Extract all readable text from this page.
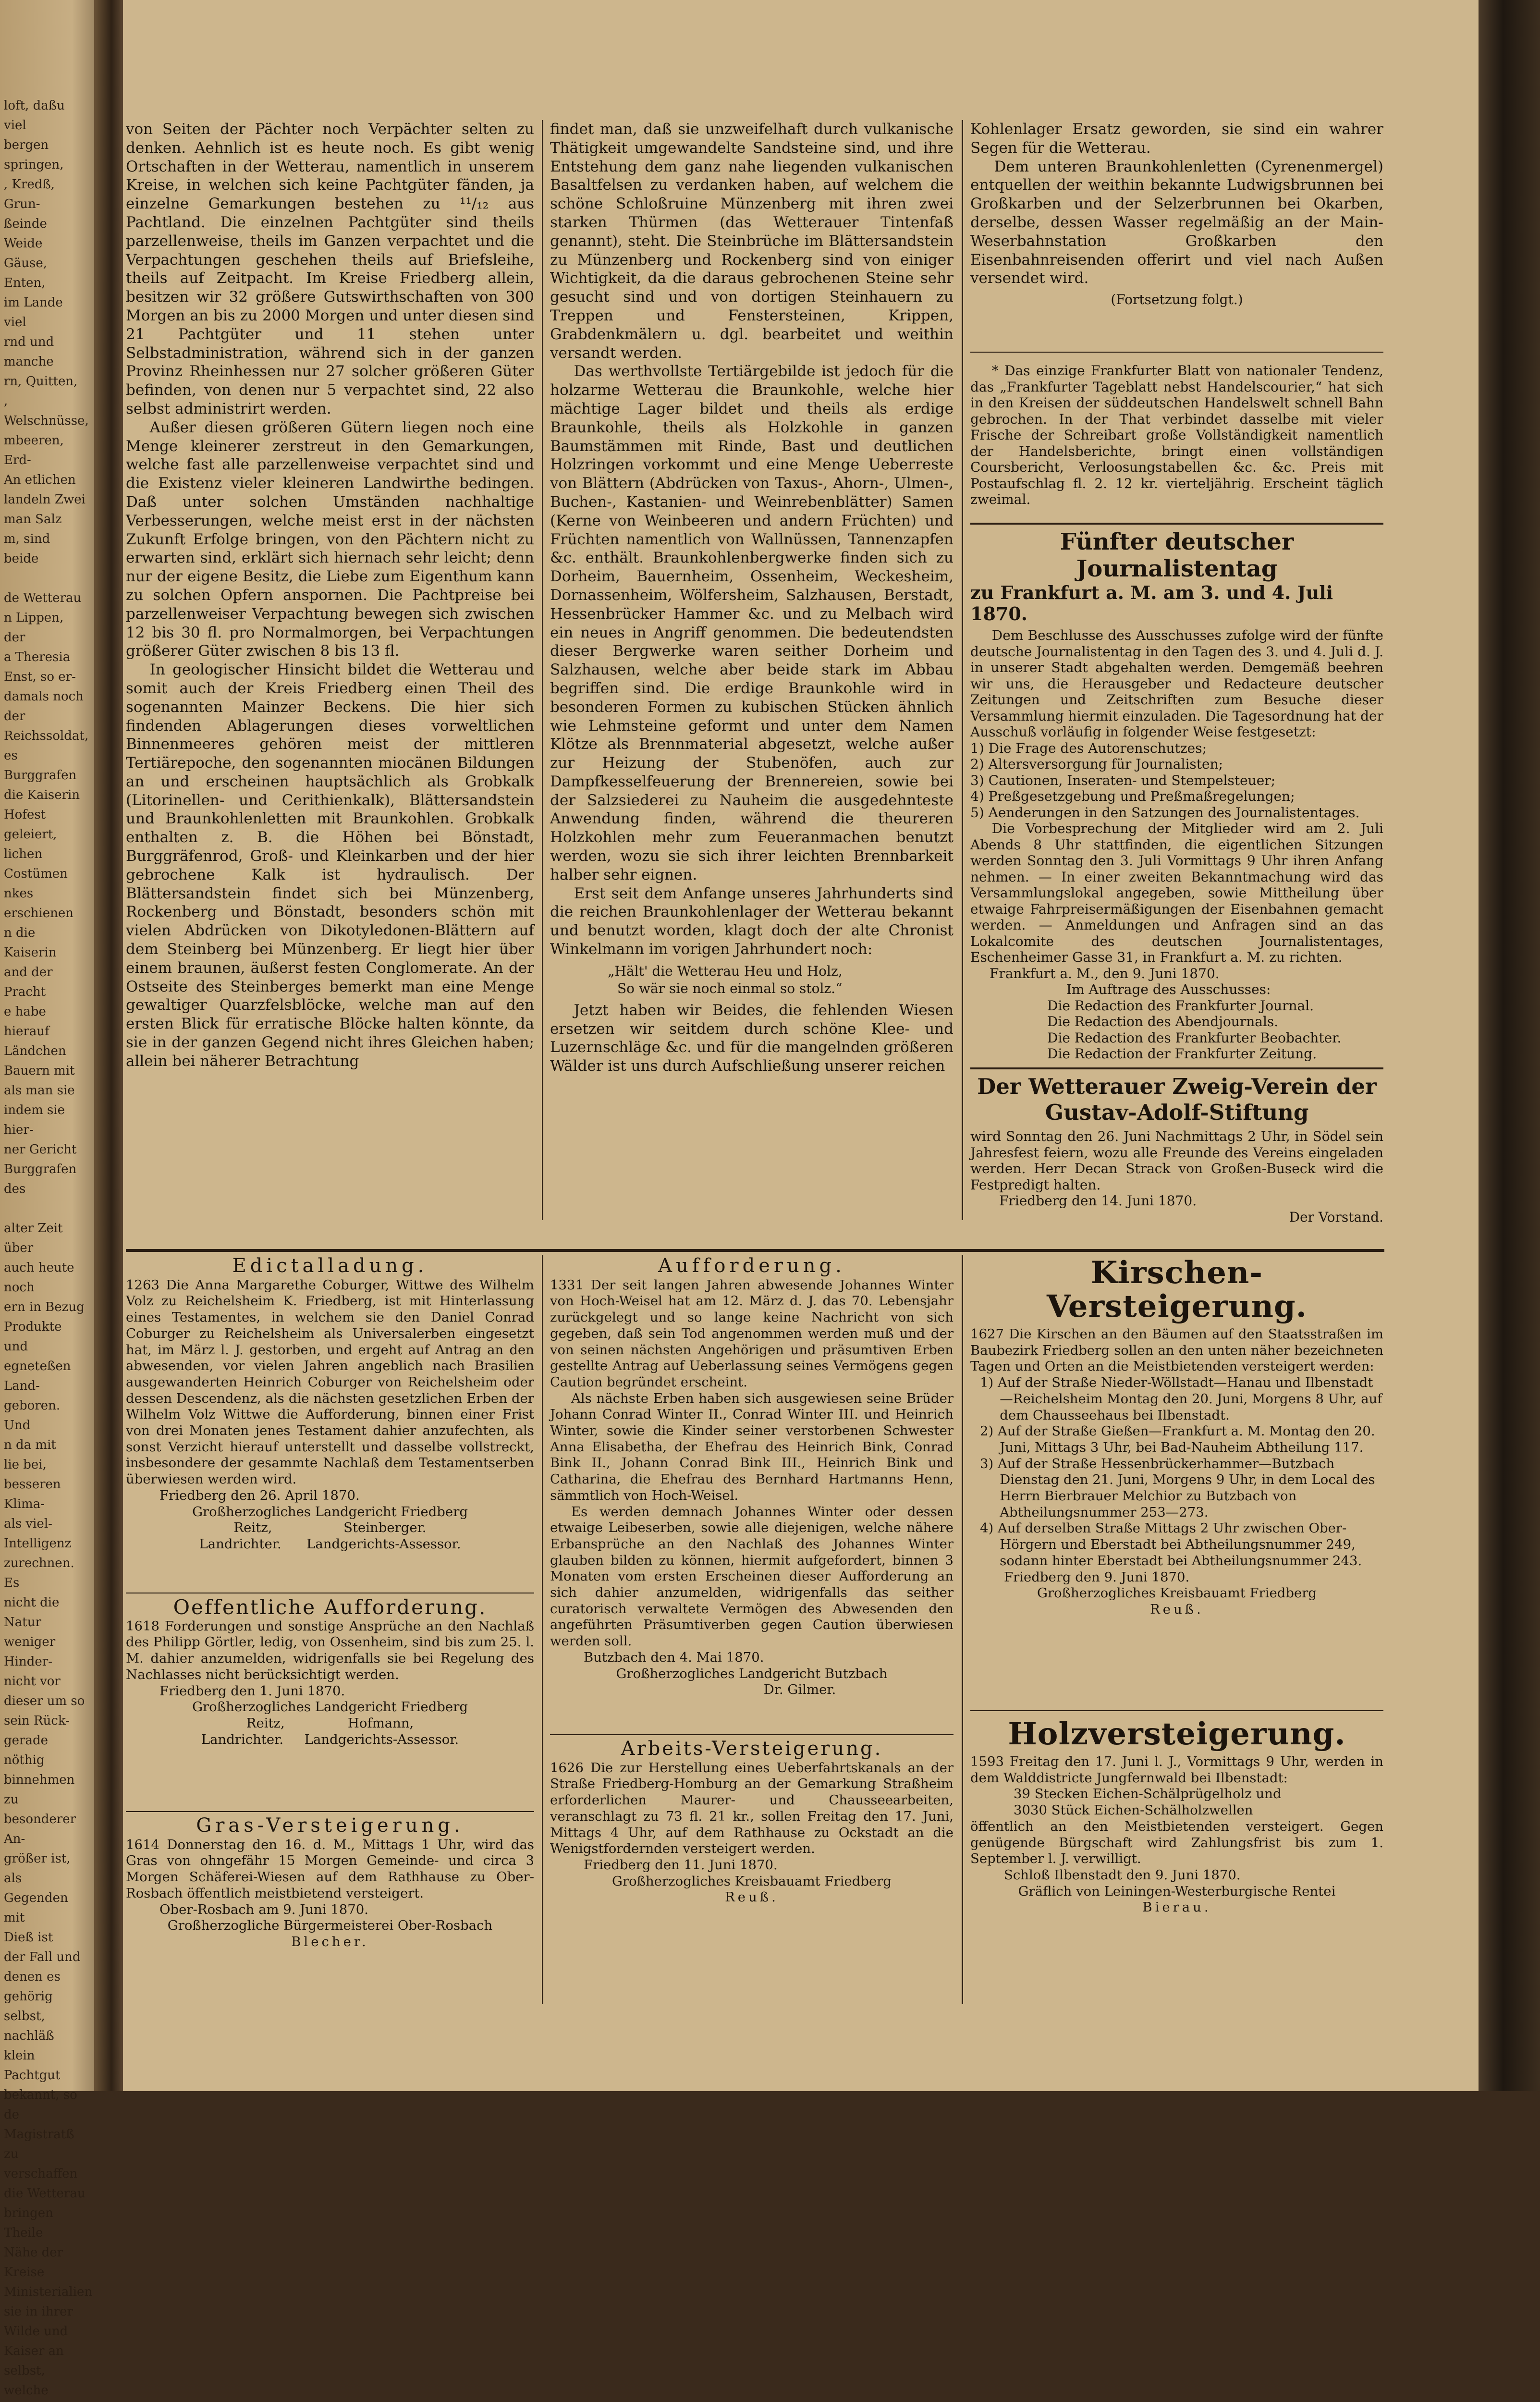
loft, daßu viel
bergen springen,
, Kredß, Grun-
ßeinde Weide
Gäuse, Enten,
im Lande viel
rnd und manche
rn, Quitten,
, Welschnüsse,
mbeeren, Erd-
An etlichen
landeln Zwei
man Salz
m, sind beide

de Wetterau
n Lippen, der
a Theresia
Enst, so er-
damals noch
der Reichssoldat,
es Burggrafen
die Kaiserin
Hofest geleiert,
lichen Costümen
nkes erschienen
n die Kaiserin
and der Pracht
e habe hierauf
Ländchen
Bauern mit
als man sie
indem sie hier-
ner Gericht
Burggrafen des

alter Zeit über
auch heute noch
ern in Bezug
Produkte und
egneteßen Land-
geboren. Und
n da mit
lie bei,
besseren Klima-
als viel-
Intelligenz
zurechnen. Es
nicht die Natur
weniger Hinder-
nicht vor
dieser um so
sein Rück-
gerade nöthig
binnehmen zu
besonderer An-
größer ist, als
Gegenden mit
Dieß ist
der Fall und
denen es gehörig
selbst, nachläß
klein Pachtgut
bekannt, so
de Magistratß
zu verschaffen
die Wetterau
bringen Theile
Nähe der Kreise
Ministerialien
sie in ihrer
Wilde und
Kaiser an
selbst, welche

von Seiten der Pächter noch Verpächter selten zu denken. Aehnlich ist es heute noch. Es gibt wenig Ortschaften in der Wetterau, namentlich in unserem Kreise, in welchen sich keine Pachtgüter fänden, ja einzelne Gemarkungen bestehen zu ¹¹/₁₂ aus Pachtland. Die einzelnen Pachtgüter sind theils parzellenweise, theils im Ganzen verpachtet und die Verpachtungen geschehen theils auf Briefsleihe, theils auf Zeitpacht. Im Kreise Friedberg allein, besitzen wir 32 größere Gutswirthschaften von 300 Morgen an bis zu 2000 Morgen und unter diesen sind 21 Pachtgüter und 11 stehen unter Selbstadministration, während sich in der ganzen Provinz Rheinhessen nur 27 solcher größeren Güter befinden, von denen nur 5 verpachtet sind, 22 also selbst administrirt werden.

Außer diesen größeren Gütern liegen noch eine Menge kleinerer zerstreut in den Gemarkungen, welche fast alle parzellenweise verpachtet sind und die Existenz vieler kleineren Landwirthe bedingen. Daß unter solchen Umständen nachhaltige Verbesserungen, welche meist erst in der nächsten Zukunft Erfolge bringen, von den Pächtern nicht zu erwarten sind, erklärt sich hiernach sehr leicht; denn nur der eigene Besitz, die Liebe zum Eigenthum kann zu solchen Opfern anspornen. Die Pachtpreise bei parzellenweiser Verpachtung bewegen sich zwischen 12 bis 30 fl. pro Normalmorgen, bei Verpachtungen größerer Güter zwischen 8 bis 13 fl.

In geologischer Hinsicht bildet die Wetterau und somit auch der Kreis Friedberg einen Theil des sogenannten Mainzer Beckens. Die hier sich findenden Ablagerungen dieses vorweltlichen Binnenmeeres gehören meist der mittleren Tertiärepoche, den sogenannten miocänen Bildungen an und erscheinen hauptsächlich als Grobkalk (Litorinellen- und Cerithienkalk), Blättersandstein und Braunkohlenletten mit Braunkohlen. Grobkalk enthalten z. B. die Höhen bei Bönstadt, Burggräfenrod, Groß- und Kleinkarben und der hier gebrochene Kalk ist hydraulisch. Der Blättersandstein findet sich bei Münzenberg, Rockenberg und Bönstadt, besonders schön mit vielen Abdrücken von Dikotyledonen-Blättern auf dem Steinberg bei Münzenberg. Er liegt hier über einem braunen, äußerst festen Conglomerate. An der Ostseite des Steinberges bemerkt man eine Menge gewaltiger Quarzfelsblöcke, welche man auf den ersten Blick für erratische Blöcke halten könnte, da sie in der ganzen Gegend nicht ihres Gleichen haben; allein bei näherer Betrachtung

findet man, daß sie unzweifelhaft durch vulkanische Thätigkeit umgewandelte Sandsteine sind, und ihre Entstehung dem ganz nahe liegenden vulkanischen Basaltfelsen zu verdanken haben, auf welchem die schöne Schloßruine Münzenberg mit ihren zwei starken Thürmen (das Wetterauer Tintenfaß genannt), steht. Die Steinbrüche im Blättersandstein zu Münzenberg und Rockenberg sind von einiger Wichtigkeit, da die daraus gebrochenen Steine sehr gesucht sind und von dortigen Steinhauern zu Treppen und Fenstersteinen, Krippen, Grabdenkmälern u. dgl. bearbeitet und weithin versandt werden.

Das werthvollste Tertiärgebilde ist jedoch für die holzarme Wetterau die Braunkohle, welche hier mächtige Lager bildet und theils als erdige Braunkohle, theils als Holzkohle in ganzen Baumstämmen mit Rinde, Bast und deutlichen Holzringen vorkommt und eine Menge Ueberreste von Blättern (Abdrücken von Taxus-, Ahorn-, Ulmen-, Buchen-, Kastanien- und Weinrebenblätter) Samen (Kerne von Weinbeeren und andern Früchten) und Früchten namentlich von Wallnüssen, Tannenzapfen &c. enthält. Braunkohlenbergwerke finden sich zu Dorheim, Bauernheim, Ossenheim, Weckesheim, Dornassenheim, Wölfersheim, Salzhausen, Berstadt, Hessenbrücker Hammer &c. und zu Melbach wird ein neues in Angriff genommen. Die bedeutendsten dieser Bergwerke waren seither Dorheim und Salzhausen, welche aber beide stark im Abbau begriffen sind. Die erdige Braunkohle wird in besonderen Formen zu kubischen Stücken ähnlich wie Lehmsteine geformt und unter dem Namen Klötze als Brennmaterial abgesetzt, welche außer zur Heizung der Stubenöfen, auch zur Dampfkesselfeuerung der Brennereien, sowie bei der Salzsiederei zu Nauheim die ausgedehnteste Anwendung finden, während die theureren Holzkohlen mehr zum Feueranmachen benutzt werden, wozu sie sich ihrer leichten Brennbarkeit halber sehr eignen.

Erst seit dem Anfange unseres Jahrhunderts sind die reichen Braunkohlenlager der Wetterau bekannt und benutzt worden, klagt doch der alte Chronist Winkelmann im vorigen Jahrhundert noch:

„Hält' die Wetterau Heu und Holz,
So wär sie noch einmal so stolz.“

Jetzt haben wir Beides, die fehlenden Wiesen ersetzen wir seitdem durch schöne Klee- und Luzernschläge &c. und für die mangelnden größeren Wälder ist uns durch Aufschließung unserer reichen

Kohlenlager Ersatz geworden, sie sind ein wahrer Segen für die Wetterau.

Dem unteren Braunkohlenletten (Cyrenenmergel) entquellen der weithin bekannte Ludwigsbrunnen bei Großkarben und der Selzerbrunnen bei Okarben, derselbe, dessen Wasser regelmäßig an der Main-Weserbahnstation Großkarben den Eisenbahnreisenden offerirt und viel nach Außen versendet wird.

(Fortsetzung folgt.)

* Das einzige Frankfurter Blatt von nationaler Tendenz, das „Frankfurter Tageblatt nebst Handelscourier,“ hat sich in den Kreisen der süddeutschen Handelswelt schnell Bahn gebrochen. In der That verbindet dasselbe mit vieler Frische der Schreibart große Vollständigkeit namentlich der Handelsberichte, bringt einen vollständigen Coursbericht, Verloosungstabellen &c. &c. Preis mit Postaufschlag fl. 2. 12 kr. vierteljährig. Erscheint täglich zweimal.

Fünfter deutscher Journalistentag
zu Frankfurt a. M. am 3. und 4. Juli 1870.

Dem Beschlusse des Ausschusses zufolge wird der fünfte deutsche Journalistentag in den Tagen des 3. und 4. Juli d. J. in unserer Stadt abgehalten werden. Demgemäß beehren wir uns, die Herausgeber und Redacteure deutscher Zeitungen und Zeitschriften zum Besuche dieser Versammlung hiermit einzuladen. Die Tagesordnung hat der Ausschuß vorläufig in folgender Weise festgesetzt:

1) Die Frage des Autorenschutzes;
2) Altersversorgung für Journalisten;
3) Cautionen, Inseraten- und Stempelsteuer;
4) Preßgesetzgebung und Preßmaßregelungen;
5) Aenderungen in den Satzungen des Journalistentages.

Die Vorbesprechung der Mitglieder wird am 2. Juli Abends 8 Uhr stattfinden, die eigentlichen Sitzungen werden Sonntag den 3. Juli Vormittags 9 Uhr ihren Anfang nehmen. — In einer zweiten Bekanntmachung wird das Versammlungslokal angegeben, sowie Mittheilung über etwaige Fahrpreisermäßigungen der Eisenbahnen gemacht werden. — Anmeldungen und Anfragen sind an das Lokalcomite des deutschen Journalistentages, Eschenheimer Gasse 31, in Frankfurt a. M. zu richten.

Frankfurt a. M., den 9. Juni 1870.
Im Auftrage des Ausschusses:
Die Redaction des Frankfurter Journal.
Die Redaction des Abendjournals.
Die Redaction des Frankfurter Beobachter.
Die Redaction der Frankfurter Zeitung.
Der Wetterauer Zweig-Verein der Gustav-Adolf-Stiftung

wird Sonntag den 26. Juni Nachmittags 2 Uhr, in Södel sein Jahresfest feiern, wozu alle Freunde des Vereins eingeladen werden. Herr Decan Strack von Großen-Buseck wird die Festpredigt halten.

Friedberg den 14. Juni 1870.
Der Vorstand.
Edictalladung.

1263 Die Anna Margarethe Coburger, Wittwe des Wilhelm Volz zu Reichelsheim K. Friedberg, ist mit Hinterlassung eines Testamentes, in welchem sie den Daniel Conrad Coburger zu Reichelsheim als Universalerben eingesetzt hat, im März l. J. gestorben, und ergeht auf Antrag an den abwesenden, vor vielen Jahren angeblich nach Brasilien ausgewanderten Heinrich Coburger von Reichelsheim oder dessen Descendenz, als die nächsten gesetzlichen Erben der Wilhelm Volz Wittwe die Aufforderung, binnen einer Frist von drei Monaten jenes Testament dahier anzufechten, als sonst Verzicht hierauf unterstellt und dasselbe vollstreckt, insbesondere der gesammte Nachlaß dem Testamentserben überwiesen werden wird.

Friedberg den 26. April 1870.
Großherzogliches Landgericht Friedberg
Reitz,                 Steinberger.
Landrichter.      Landgerichts-Assessor.
Oeffentliche Aufforderung.

1618 Forderungen und sonstige Ansprüche an den Nachlaß des Philipp Görtler, ledig, von Ossenheim, sind bis zum 25. l. M. dahier anzumelden, widrigenfalls sie bei Regelung des Nachlasses nicht berücksichtigt werden.

Friedberg den 1. Juni 1870.
Großherzogliches Landgericht Friedberg
Reitz,               Hofmann,
Landrichter.     Landgerichts-Assessor.
Gras-Versteigerung.

1614 Donnerstag den 16. d. M., Mittags 1 Uhr, wird das Gras von ohngefähr 15 Morgen Gemeinde- und circa 3 Morgen Schäferei-Wiesen auf dem Rathhause zu Ober-Rosbach öffentlich meistbietend versteigert.

Ober-Rosbach am 9. Juni 1870.
Großherzogliche Bürgermeisterei Ober-Rosbach
Blecher.
Aufforderung.

1331 Der seit langen Jahren abwesende Johannes Winter von Hoch-Weisel hat am 12. März d. J. das 70. Lebensjahr zurückgelegt und so lange keine Nachricht von sich gegeben, daß sein Tod angenommen werden muß und der von seinen nächsten Angehörigen und präsumtiven Erben gestellte Antrag auf Ueberlassung seines Vermögens gegen Caution begründet erscheint.

Als nächste Erben haben sich ausgewiesen seine Brüder Johann Conrad Winter II., Conrad Winter III. und Heinrich Winter, sowie die Kinder seiner verstorbenen Schwester Anna Elisabetha, der Ehefrau des Heinrich Bink, Conrad Bink II., Johann Conrad Bink III., Heinrich Bink und Catharina, die Ehefrau des Bernhard Hartmanns Henn, sämmtlich von Hoch-Weisel.

Es werden demnach Johannes Winter oder dessen etwaige Leibeserben, sowie alle diejenigen, welche nähere Erbansprüche an den Nachlaß des Johannes Winter glauben bilden zu können, hiermit aufgefordert, binnen 3 Monaten vom ersten Erscheinen dieser Aufforderung an sich dahier anzumelden, widrigenfalls das seither curatorisch verwaltete Vermögen des Abwesenden den angeführten Präsumtiverben gegen Caution überwiesen werden soll.

Butzbach den 4. Mai 1870.
Großherzogliches Landgericht Butzbach
Dr. Gilmer.
Arbeits-Versteigerung.

1626 Die zur Herstellung eines Ueberfahrtskanals an der Straße Friedberg-Homburg an der Gemarkung Straßheim erforderlichen Maurer- und Chausseearbeiten, veranschlagt zu 73 fl. 21 kr., sollen Freitag den 17. Juni, Mittags 4 Uhr, auf dem Rathhause zu Ockstadt an die Wenigstfordernden versteigert werden.

Friedberg den 11. Juni 1870.
Großherzogliches Kreisbauamt Friedberg
Reuß.
Kirschen-Versteigerung.

1627 Die Kirschen an den Bäumen auf den Staatsstraßen im Baubezirk Friedberg sollen an den unten näher bezeichneten Tagen und Orten an die Meistbietenden versteigert werden:

1) Auf der Straße Nieder-Wöllstadt—Hanau und Ilbenstadt—Reichelsheim Montag den 20. Juni, Morgens 8 Uhr, auf dem Chausseehaus bei Ilbenstadt.
2) Auf der Straße Gießen—Frankfurt a. M. Montag den 20. Juni, Mittags 3 Uhr, bei Bad-Nauheim Abtheilung 117.
3) Auf der Straße Hessenbrückerhammer—Butzbach Dienstag den 21. Juni, Morgens 9 Uhr, in dem Local des Herrn Bierbrauer Melchior zu Butzbach von Abtheilungsnummer 253—273.
4) Auf derselben Straße Mittags 2 Uhr zwischen Ober-Hörgern und Eberstadt bei Abtheilungsnummer 249, sodann hinter Eberstadt bei Abtheilungsnummer 243.
Friedberg den 9. Juni 1870.
Großherzogliches Kreisbauamt Friedberg
Reuß.
Holzversteigerung.

1593 Freitag den 17. Juni l. J., Vormittags 9 Uhr, werden in dem Walddistricte Jungfernwald bei Ilbenstadt:

39 Stecken Eichen-Schälprügelholz und
3030 Stück Eichen-Schälholzwellen

öffentlich an den Meistbietenden versteigert. Gegen genügende Bürgschaft wird Zahlungsfrist bis zum 1. September l. J. verwilligt.

Schloß Ilbenstadt den 9. Juni 1870.
Gräflich von Leiningen-Westerburgische Rentei
Bierau.
